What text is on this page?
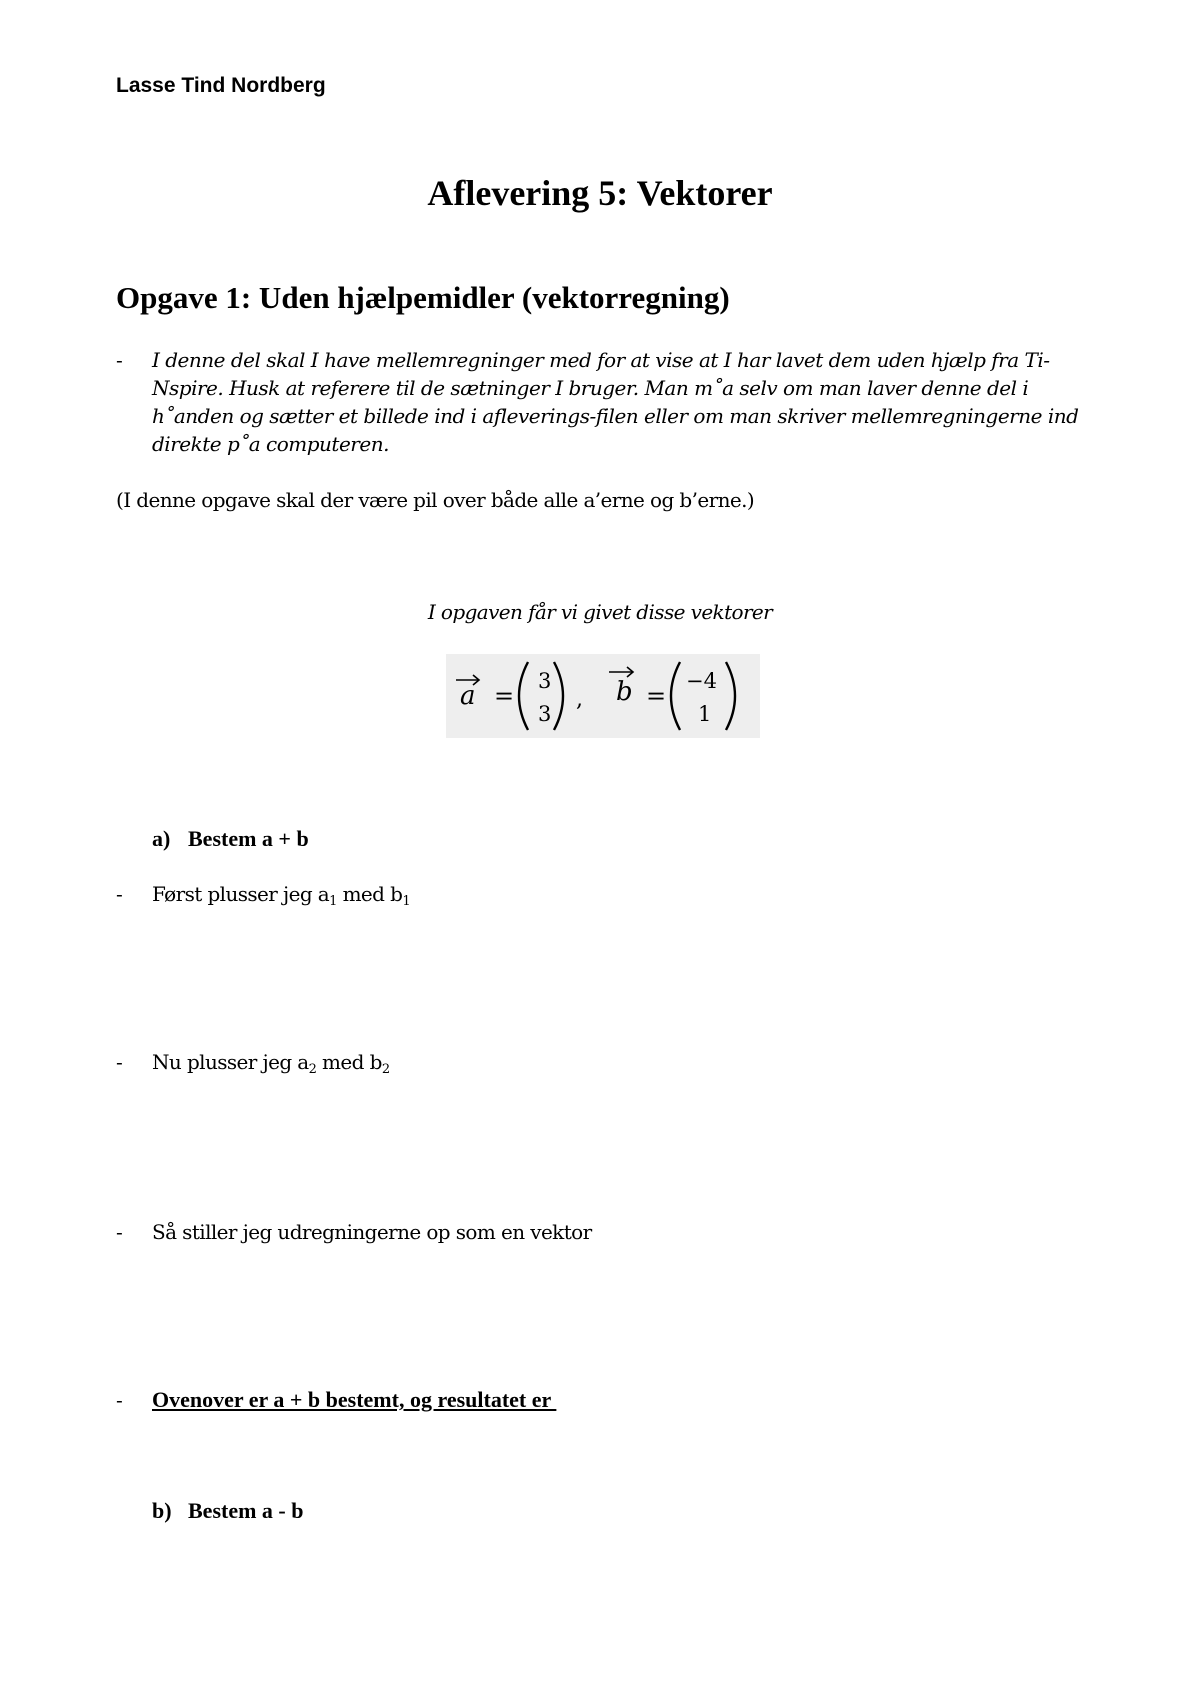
Lasse Tind Nordberg
Aflevering 5: Vektorer
Opgave 1: Uden hjælpemidler (vektorregning)
-	I denne del skal I have mellemregninger med for at vise at I har lavet dem uden hjælp fra Ti-Nspire. Husk at referere til de sætninger I bruger. Man m˚a selv om man laver denne del i h˚anden og sætter et billede ind i afleverings-filen eller om man skriver mellemregningerne ind direkte p˚a computeren.
(I denne opgave skal der være pil over både alle a’erne og b’erne.)
I opgaven får vi givet disse vektorer
a =
3
3
, b =
−4
1
a) Bestem a + b
-	Først plusser jeg $a_1$ med $b_1$
-	Nu plusser jeg $a_2$ med $b_2$
-	Så stiller jeg udregningerne op som en vektor
-	Ovenover er a + b bestemt, og resultatet er
b) Bestem a - b
